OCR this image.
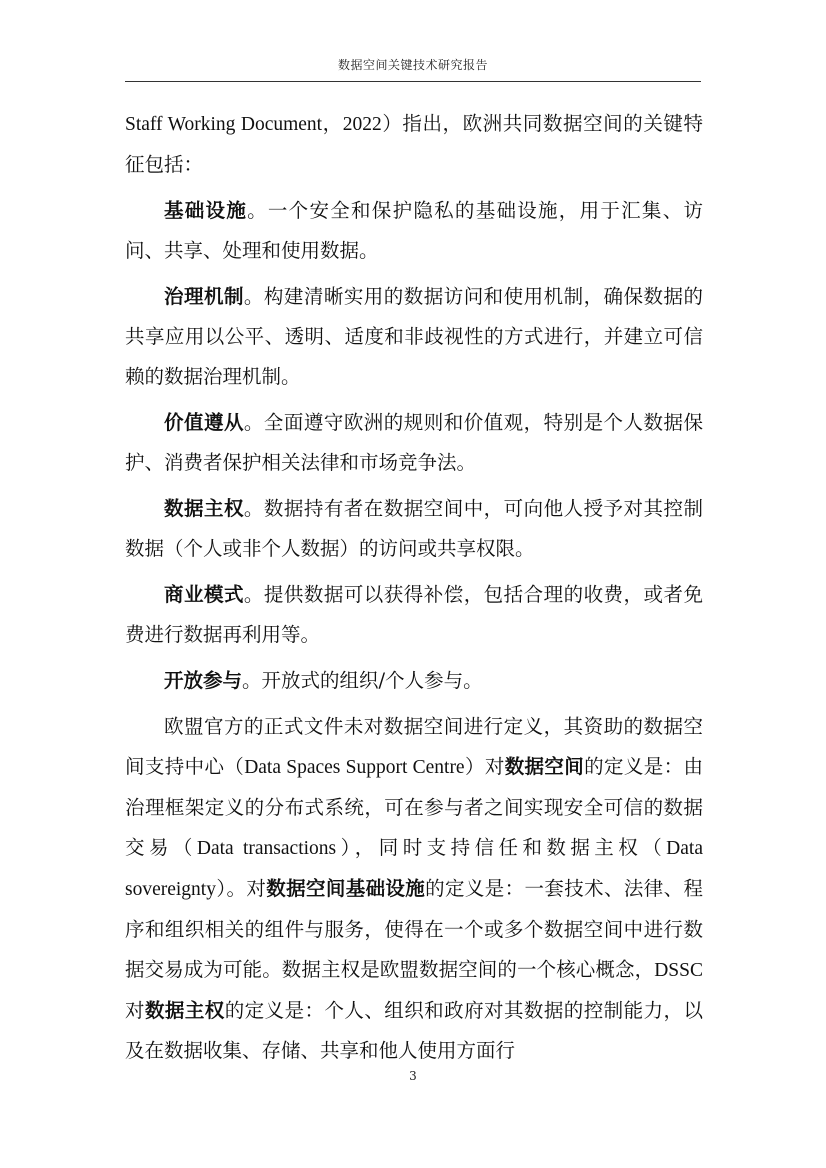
数据空间关键技术研究报告

Staff Working Document，2022）指出，欧洲共同数据空间的关键特征包括：

基础设施。一个安全和保护隐私的基础设施，用于汇集、访问、共享、处理和使用数据。

治理机制。构建清晰实用的数据访问和使用机制，确保数据的共享应用以公平、透明、适度和非歧视性的方式进行，并建立可信赖的数据治理机制。

价值遵从。全面遵守欧洲的规则和价值观，特别是个人数据保护、消费者保护相关法律和市场竞争法。

数据主权。数据持有者在数据空间中，可向他人授予对其控制数据（个人或非个人数据）的访问或共享权限。

商业模式。提供数据可以获得补偿，包括合理的收费，或者免费进行数据再利用等。

开放参与。开放式的组织/个人参与。

欧盟官方的正式文件未对数据空间进行定义，其资助的数据空间支持中心（Data Spaces Support Centre）对数据空间的定义是：由治理框架定义的分布式系统，可在参与者之间实现安全可信的数据交易（Data transactions），同时支持信任和数据主权（Data sovereignty）。对数据空间基础设施的定义是：一套技术、法律、程序和组织相关的组件与服务，使得在一个或多个数据空间中进行数据交易成为可能。数据主权是欧盟数据空间的一个核心概念，DSSC对数据主权的定义是：个人、组织和政府对其数据的控制能力，以及在数据收集、存储、共享和他人使用方面行

3
